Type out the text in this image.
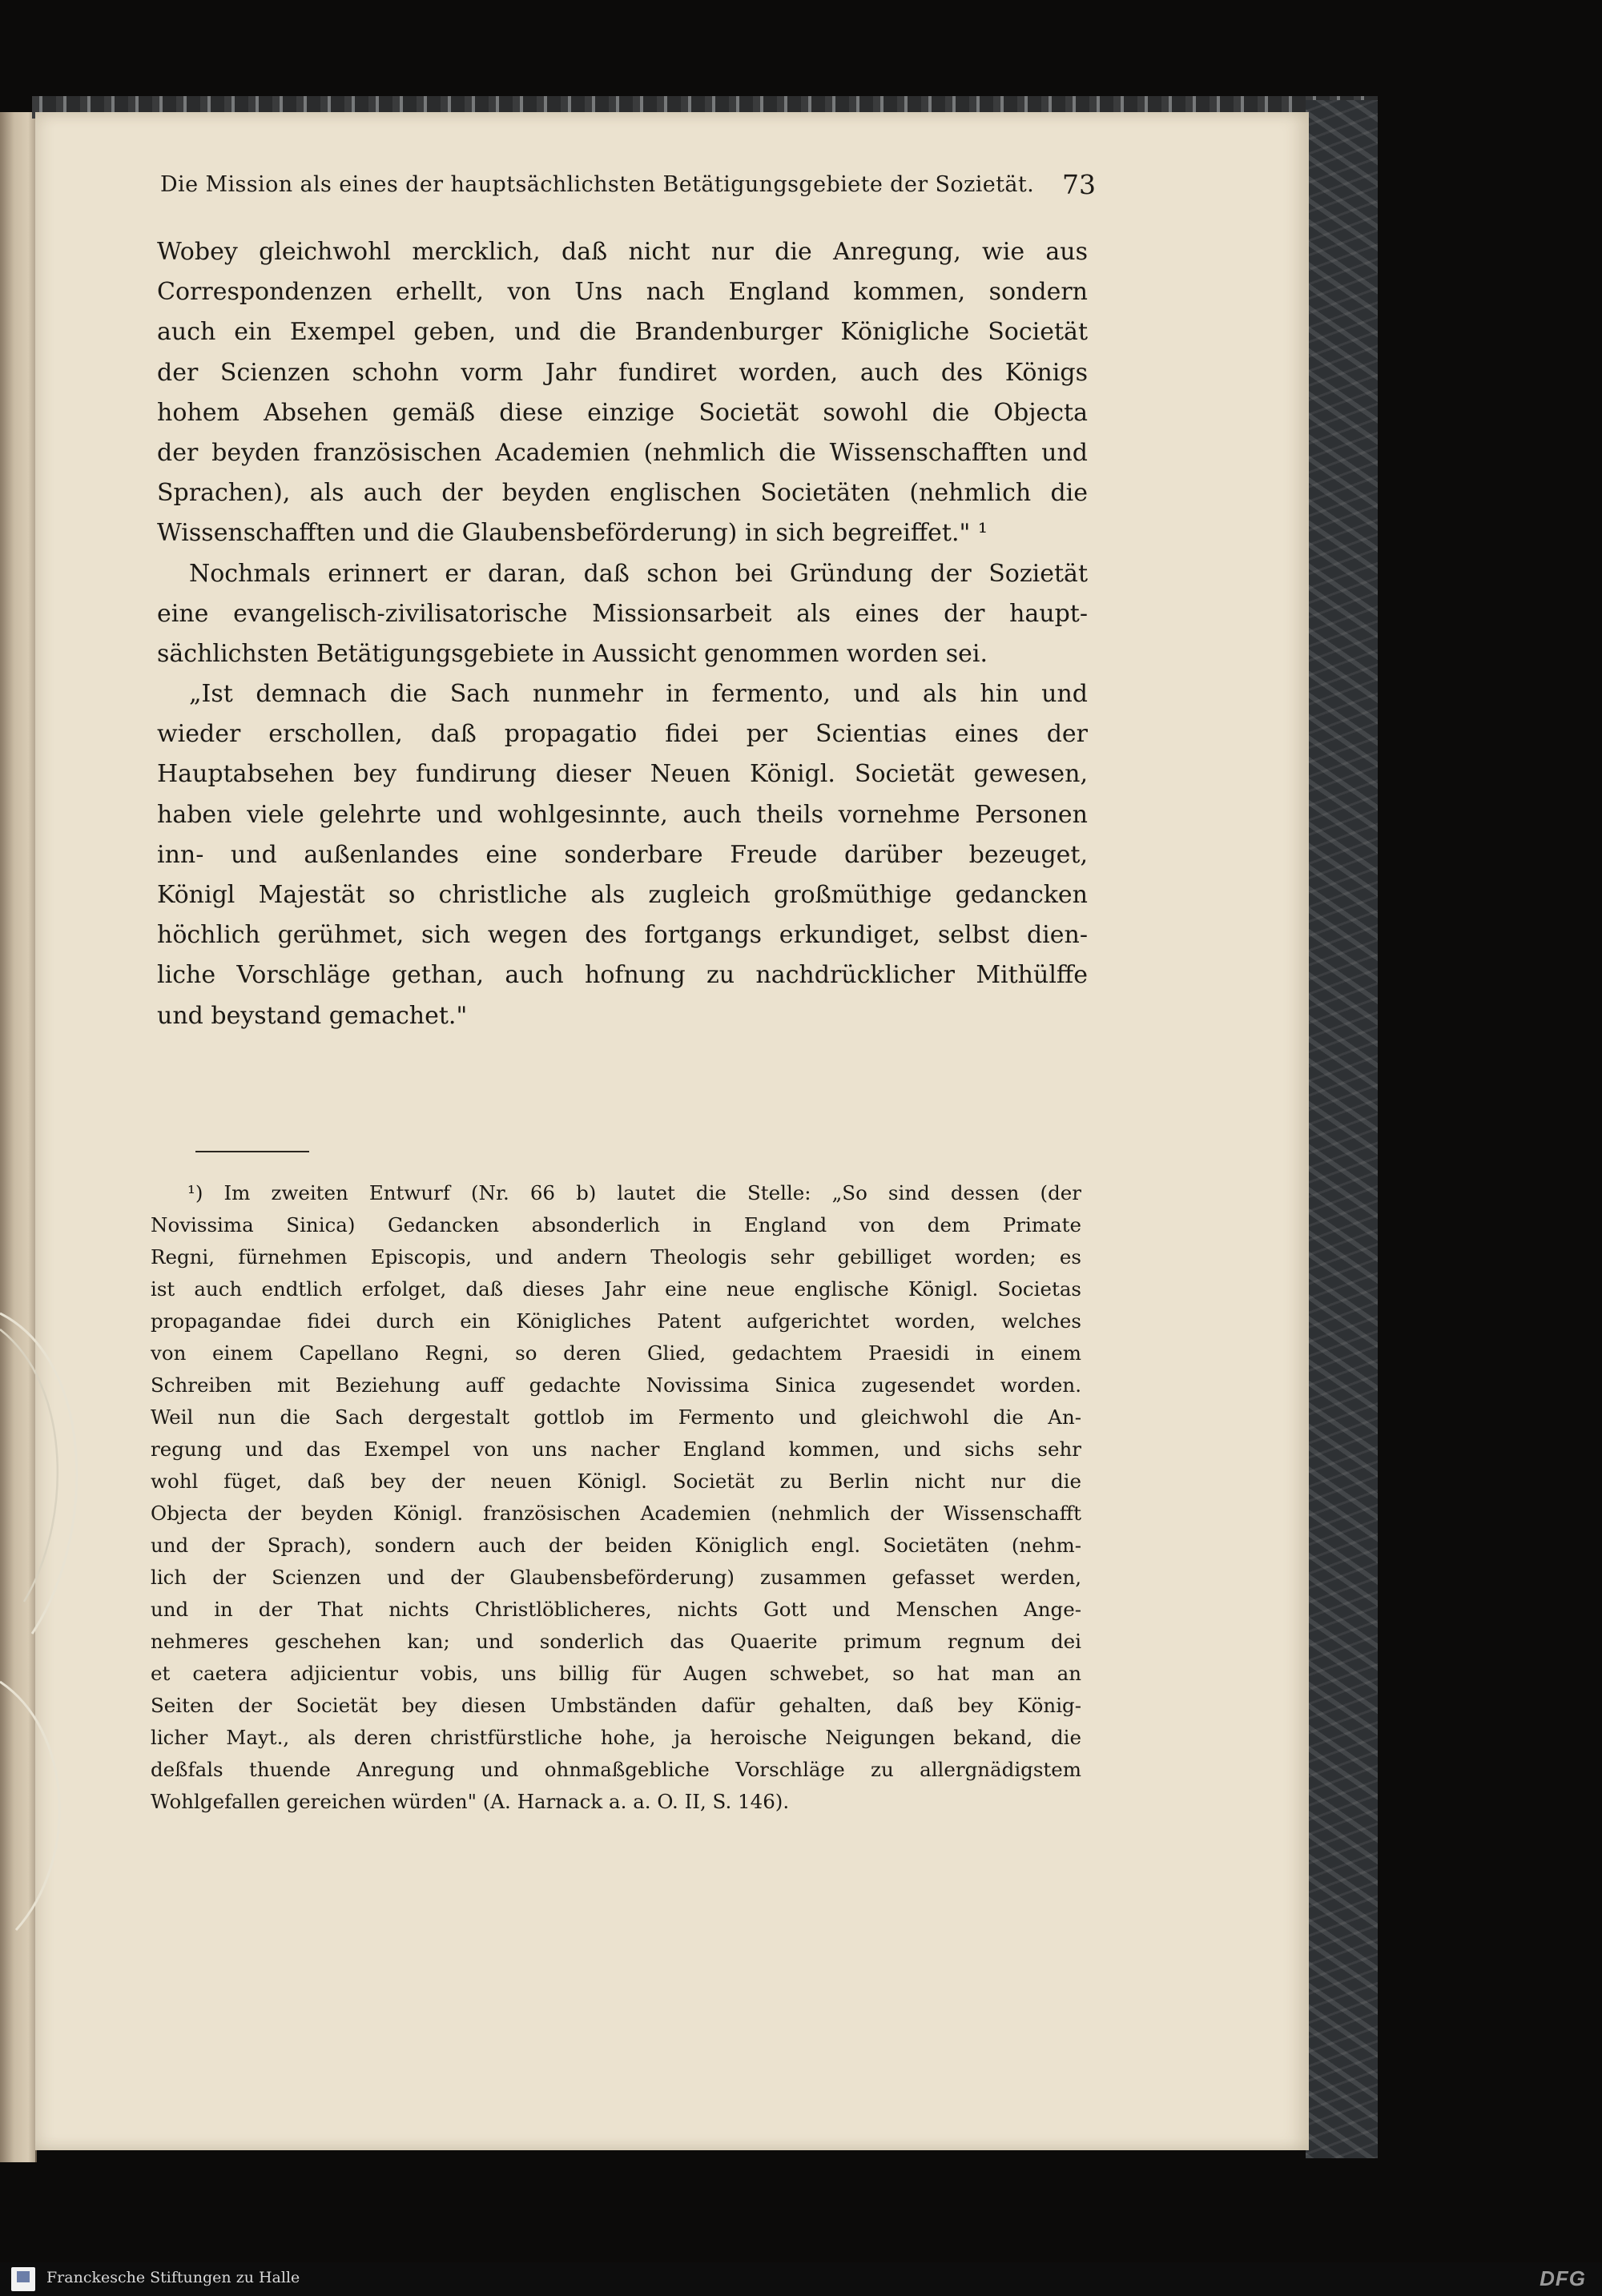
Die Mission als eines der hauptsächlichsten Betätigungsgebiete der Sozietät. 73
Wobey gleichwohl mercklich, daß nicht nur die Anregung, wie aus
Correspondenzen erhellt, von Uns nach England kommen, sondern
auch ein Exempel geben, und die Brandenburger Königliche Societät
der Scienzen schohn vorm Jahr fundiret worden, auch des Königs
hohem Absehen gemäß diese einzige Societät sowohl die Objecta
der beyden französischen Academien (nehmlich die Wissenschafften und
Sprachen), als auch der beyden englischen Societäten (nehmlich die
Wissenschafften und die Glaubensbeförderung) in sich begreiffet." ¹
Nochmals erinnert er daran, daß schon bei Gründung der Sozietät
eine evangelisch-zivilisatorische Missionsarbeit als eines der haupt-
sächlichsten Betätigungsgebiete in Aussicht genommen worden sei.
„Ist demnach die Sach nunmehr in fermento, und als hin und
wieder erschollen, daß propagatio fidei per Scientias eines der
Hauptabsehen bey fundirung dieser Neuen Königl. Societät gewesen,
haben viele gelehrte und wohlgesinnte, auch theils vornehme Personen
inn- und außenlandes eine sonderbare Freude darüber bezeuget,
Königl Majestät so christliche als zugleich großmüthige gedancken
höchlich gerühmet, sich wegen des fortgangs erkundiget, selbst dien-
liche Vorschläge gethan, auch hofnung zu nachdrücklicher Mithülffe
und beystand gemachet."
¹) Im zweiten Entwurf (Nr. 66 b) lautet die Stelle: „So sind dessen (der
Novissima Sinica) Gedancken absonderlich in England von dem Primate
Regni, fürnehmen Episcopis, und andern Theologis sehr gebilliget worden; es
ist auch endtlich erfolget, daß dieses Jahr eine neue englische Königl. Societas
propagandae fidei durch ein Königliches Patent aufgerichtet worden, welches
von einem Capellano Regni, so deren Glied, gedachtem Praesidi in einem
Schreiben mit Beziehung auff gedachte Novissima Sinica zugesendet worden.
Weil nun die Sach dergestalt gottlob im Fermento und gleichwohl die An-
regung und das Exempel von uns nacher England kommen, und sichs sehr
wohl füget, daß bey der neuen Königl. Societät zu Berlin nicht nur die
Objecta der beyden Königl. französischen Academien (nehmlich der Wissenschafft
und der Sprach), sondern auch der beiden Königlich engl. Societäten (nehm-
lich der Scienzen und der Glaubensbeförderung) zusammen gefasset werden,
und in der That nichts Christlöblicheres, nichts Gott und Menschen Ange-
nehmeres geschehen kan; und sonderlich das Quaerite primum regnum dei
et caetera adjicientur vobis, uns billig für Augen schwebet, so hat man an
Seiten der Societät bey diesen Umbständen dafür gehalten, daß bey König-
licher Mayt., als deren christfürstliche hohe, ja heroische Neigungen bekand, die
deßfals thuende Anregung und ohnmaßgebliche Vorschläge zu allergnädigstem
Wohlgefallen gereichen würden" (A. Harnack a. a. O. II, S. 146).
Franckesche Stiftungen zu Halle	DFG
